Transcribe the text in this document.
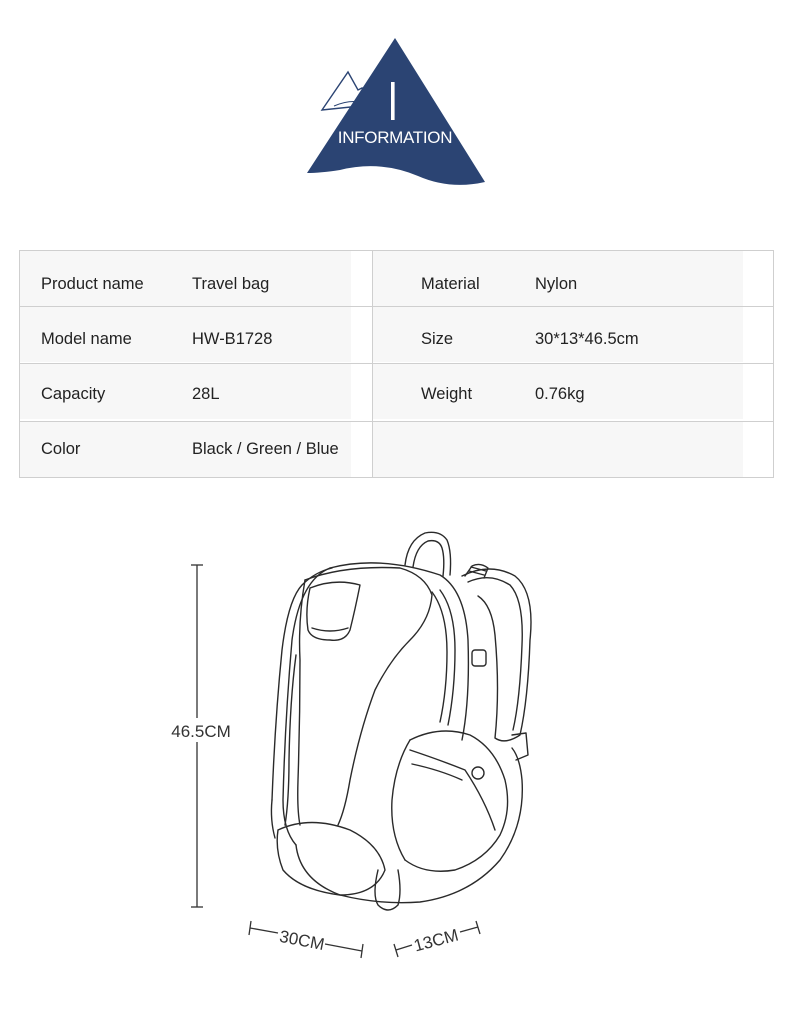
INFORMATION
Product name	Travel bag	Material	Nylon
Model name	HW-B1728	Size	30*13*46.5cm
Capacity	28L	Weight	0.76kg
Color	Black / Green / Blue
46.5CM
30CM	13CM
